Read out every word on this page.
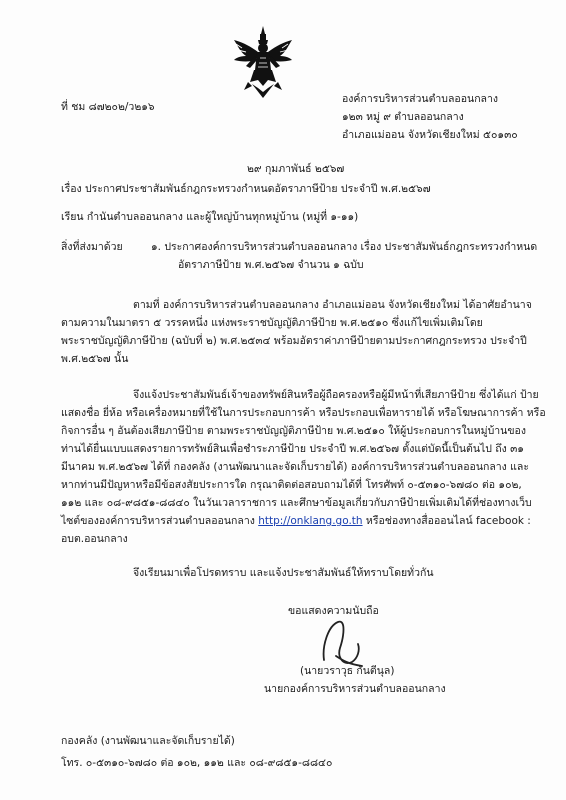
ที่ ชม ๘๗๒๐๒/ว๒๑๖
องค์การบริหารส่วนตำบลออนกลาง
๑๒๓ หมู่ ๙ ตำบลออนกลาง
อำเภอแม่ออน จังหวัดเชียงใหม่ ๕๐๑๓๐
๒๙ กุมภาพันธ์ ๒๕๖๗
เรื่อง ประกาศประชาสัมพันธ์กฎกระทรวงกำหนดอัตราภาษีป้าย ประจำปี พ.ศ.๒๕๖๗
เรียน กำนันตำบลออนกลาง และผู้ใหญ่บ้านทุกหมู่บ้าน (หมู่ที่ ๑-๑๑)
สิ่งที่ส่งมาด้วย	๑. ประกาศองค์การบริหารส่วนตำบลออนกลาง เรื่อง ประชาสัมพันธ์กฎกระทรวงกำหนด
อัตราภาษีป้าย พ.ศ.๒๕๖๗ จำนวน ๑ ฉบับ
ตามที่ องค์การบริหารส่วนตำบลออนกลาง อำเภอแม่ออน จังหวัดเชียงใหม่ ได้อาศัยอำนาจ
ตามความในมาตรา ๕ วรรคหนึ่ง แห่งพระราชบัญญัติภาษีป้าย พ.ศ.๒๕๑๐ ซึ่งแก้ไขเพิ่มเติมโดย
พระราชบัญญัติภาษีป้าย (ฉบับที่ ๒) พ.ศ.๒๕๓๔ พร้อมอัตราค่าภาษีป้ายตามประกาศกฎกระทรวง ประจำปี
พ.ศ.๒๕๖๗ นั้น
จึงแจ้งประชาสัมพันธ์เจ้าของทรัพย์สินหรือผู้ถือครองหรือผู้มีหน้าที่เสียภาษีป้าย ซึ่งได้แก่ ป้าย
แสดงชื่อ ยี่ห้อ หรือเครื่องหมายที่ใช้ในการประกอบการค้า หรือประกอบเพื่อหารายได้ หรือโฆษณาการค้า หรือ
กิจการอื่น ๆ อันต้องเสียภาษีป้าย ตามพระราชบัญญัติภาษีป้าย พ.ศ.๒๕๑๐ ให้ผู้ประกอบการในหมู่บ้านของ
ท่านได้ยื่นแบบแสดงรายการทรัพย์สินเพื่อชำระภาษีป้าย ประจำปี พ.ศ.๒๕๖๗ ตั้งแต่บัดนี้เป็นต้นไป ถึง ๓๑
มีนาคม พ.ศ.๒๕๖๗ ได้ที่ กองคลัง (งานพัฒนาและจัดเก็บรายได้) องค์การบริหารส่วนตำบลออนกลาง และ
หากท่านมีปัญหาหรือมีข้อสงสัยประการใด กรุณาติดต่อสอบถามได้ที่ โทรศัพท์ ๐-๕๓๑๐-๖๗๘๐ ต่อ ๑๐๒,
๑๑๒ และ ๐๘-๙๘๕๑-๘๘๔๐ ในวันเวลาราชการ และศึกษาข้อมูลเกี่ยวกับภาษีป้ายเพิ่มเติมได้ที่ช่องทางเว็บ
ไซต์ขององค์การบริหารส่วนตำบลออนกลาง http://onklang.go.th หรือช่องทางสื่อออนไลน์ facebook :
อบต.ออนกลาง
จึงเรียนมาเพื่อโปรดทราบ และแจ้งประชาสัมพันธ์ให้ทราบโดยทั่วกัน
ขอแสดงความนับถือ
(นายวราวุธ กันตีนุล)
นายกองค์การบริหารส่วนตำบลออนกลาง
กองคลัง (งานพัฒนาและจัดเก็บรายได้)
โทร. ๐-๕๓๑๐-๖๗๘๐ ต่อ ๑๐๒, ๑๑๒ และ ๐๘-๙๘๕๑-๘๘๔๐
